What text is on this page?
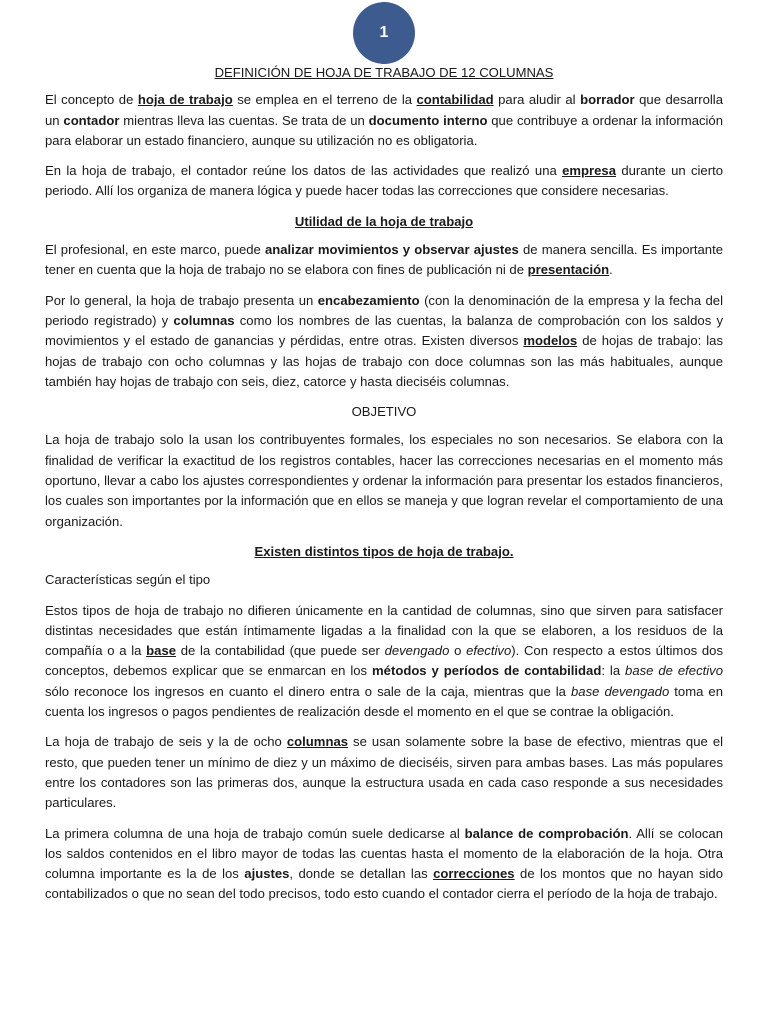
1
DEFINICIÓN DE HOJA DE TRABAJO DE 12 COLUMNAS

El concepto de hoja de trabajo se emplea en el terreno de la contabilidad para aludir al borrador que desarrolla un contador mientras lleva las cuentas. Se trata de un documento interno que contribuye a ordenar la información para elaborar un estado financiero, aunque su utilización no es obligatoria.

En la hoja de trabajo, el contador reúne los datos de las actividades que realizó una empresa durante un cierto periodo. Allí los organiza de manera lógica y puede hacer todas las correcciones que considere necesarias.

Utilidad de la hoja de trabajo

El profesional, en este marco, puede analizar movimientos y observar ajustes de manera sencilla. Es importante tener en cuenta que la hoja de trabajo no se elabora con fines de publicación ni de presentación.

Por lo general, la hoja de trabajo presenta un encabezamiento (con la denominación de la empresa y la fecha del periodo registrado) y columnas como los nombres de las cuentas, la balanza de comprobación con los saldos y movimientos y el estado de ganancias y pérdidas, entre otras. Existen diversos modelos de hojas de trabajo: las hojas de trabajo con ocho columnas y las hojas de trabajo con doce columnas son las más habituales, aunque también hay hojas de trabajo con seis, diez, catorce y hasta dieciséis columnas.

OBJETIVO

La hoja de trabajo solo la usan los contribuyentes formales, los especiales no son necesarios. Se elabora con la finalidad de verificar la exactitud de los registros contables, hacer las correcciones necesarias en el momento más oportuno, llevar a cabo los ajustes correspondientes y ordenar la información para presentar los estados financieros, los cuales son importantes por la información que en ellos se maneja y que logran revelar el comportamiento de una organización.

Existen distintos tipos de hoja de trabajo.

Características según el tipo

Estos tipos de hoja de trabajo no difieren únicamente en la cantidad de columnas, sino que sirven para satisfacer distintas necesidades que están íntimamente ligadas a la finalidad con la que se elaboren, a los residuos de la compañía o a la base de la contabilidad (que puede ser devengado o efectivo). Con respecto a estos últimos dos conceptos, debemos explicar que se enmarcan en los métodos y períodos de contabilidad: la base de efectivo sólo reconoce los ingresos en cuanto el dinero entra o sale de la caja, mientras que la base devengado toma en cuenta los ingresos o pagos pendientes de realización desde el momento en el que se contrae la obligación.

La hoja de trabajo de seis y la de ocho columnas se usan solamente sobre la base de efectivo, mientras que el resto, que pueden tener un mínimo de diez y un máximo de dieciséis, sirven para ambas bases. Las más populares entre los contadores son las primeras dos, aunque la estructura usada en cada caso responde a sus necesidades particulares.

La primera columna de una hoja de trabajo común suele dedicarse al balance de comprobación. Allí se colocan los saldos contenidos en el libro mayor de todas las cuentas hasta el momento de la elaboración de la hoja. Otra columna importante es la de los ajustes, donde se detallan las correcciones de los montos que no hayan sido contabilizados o que no sean del todo precisos, todo esto cuando el contador cierra el período de la hoja de trabajo.
